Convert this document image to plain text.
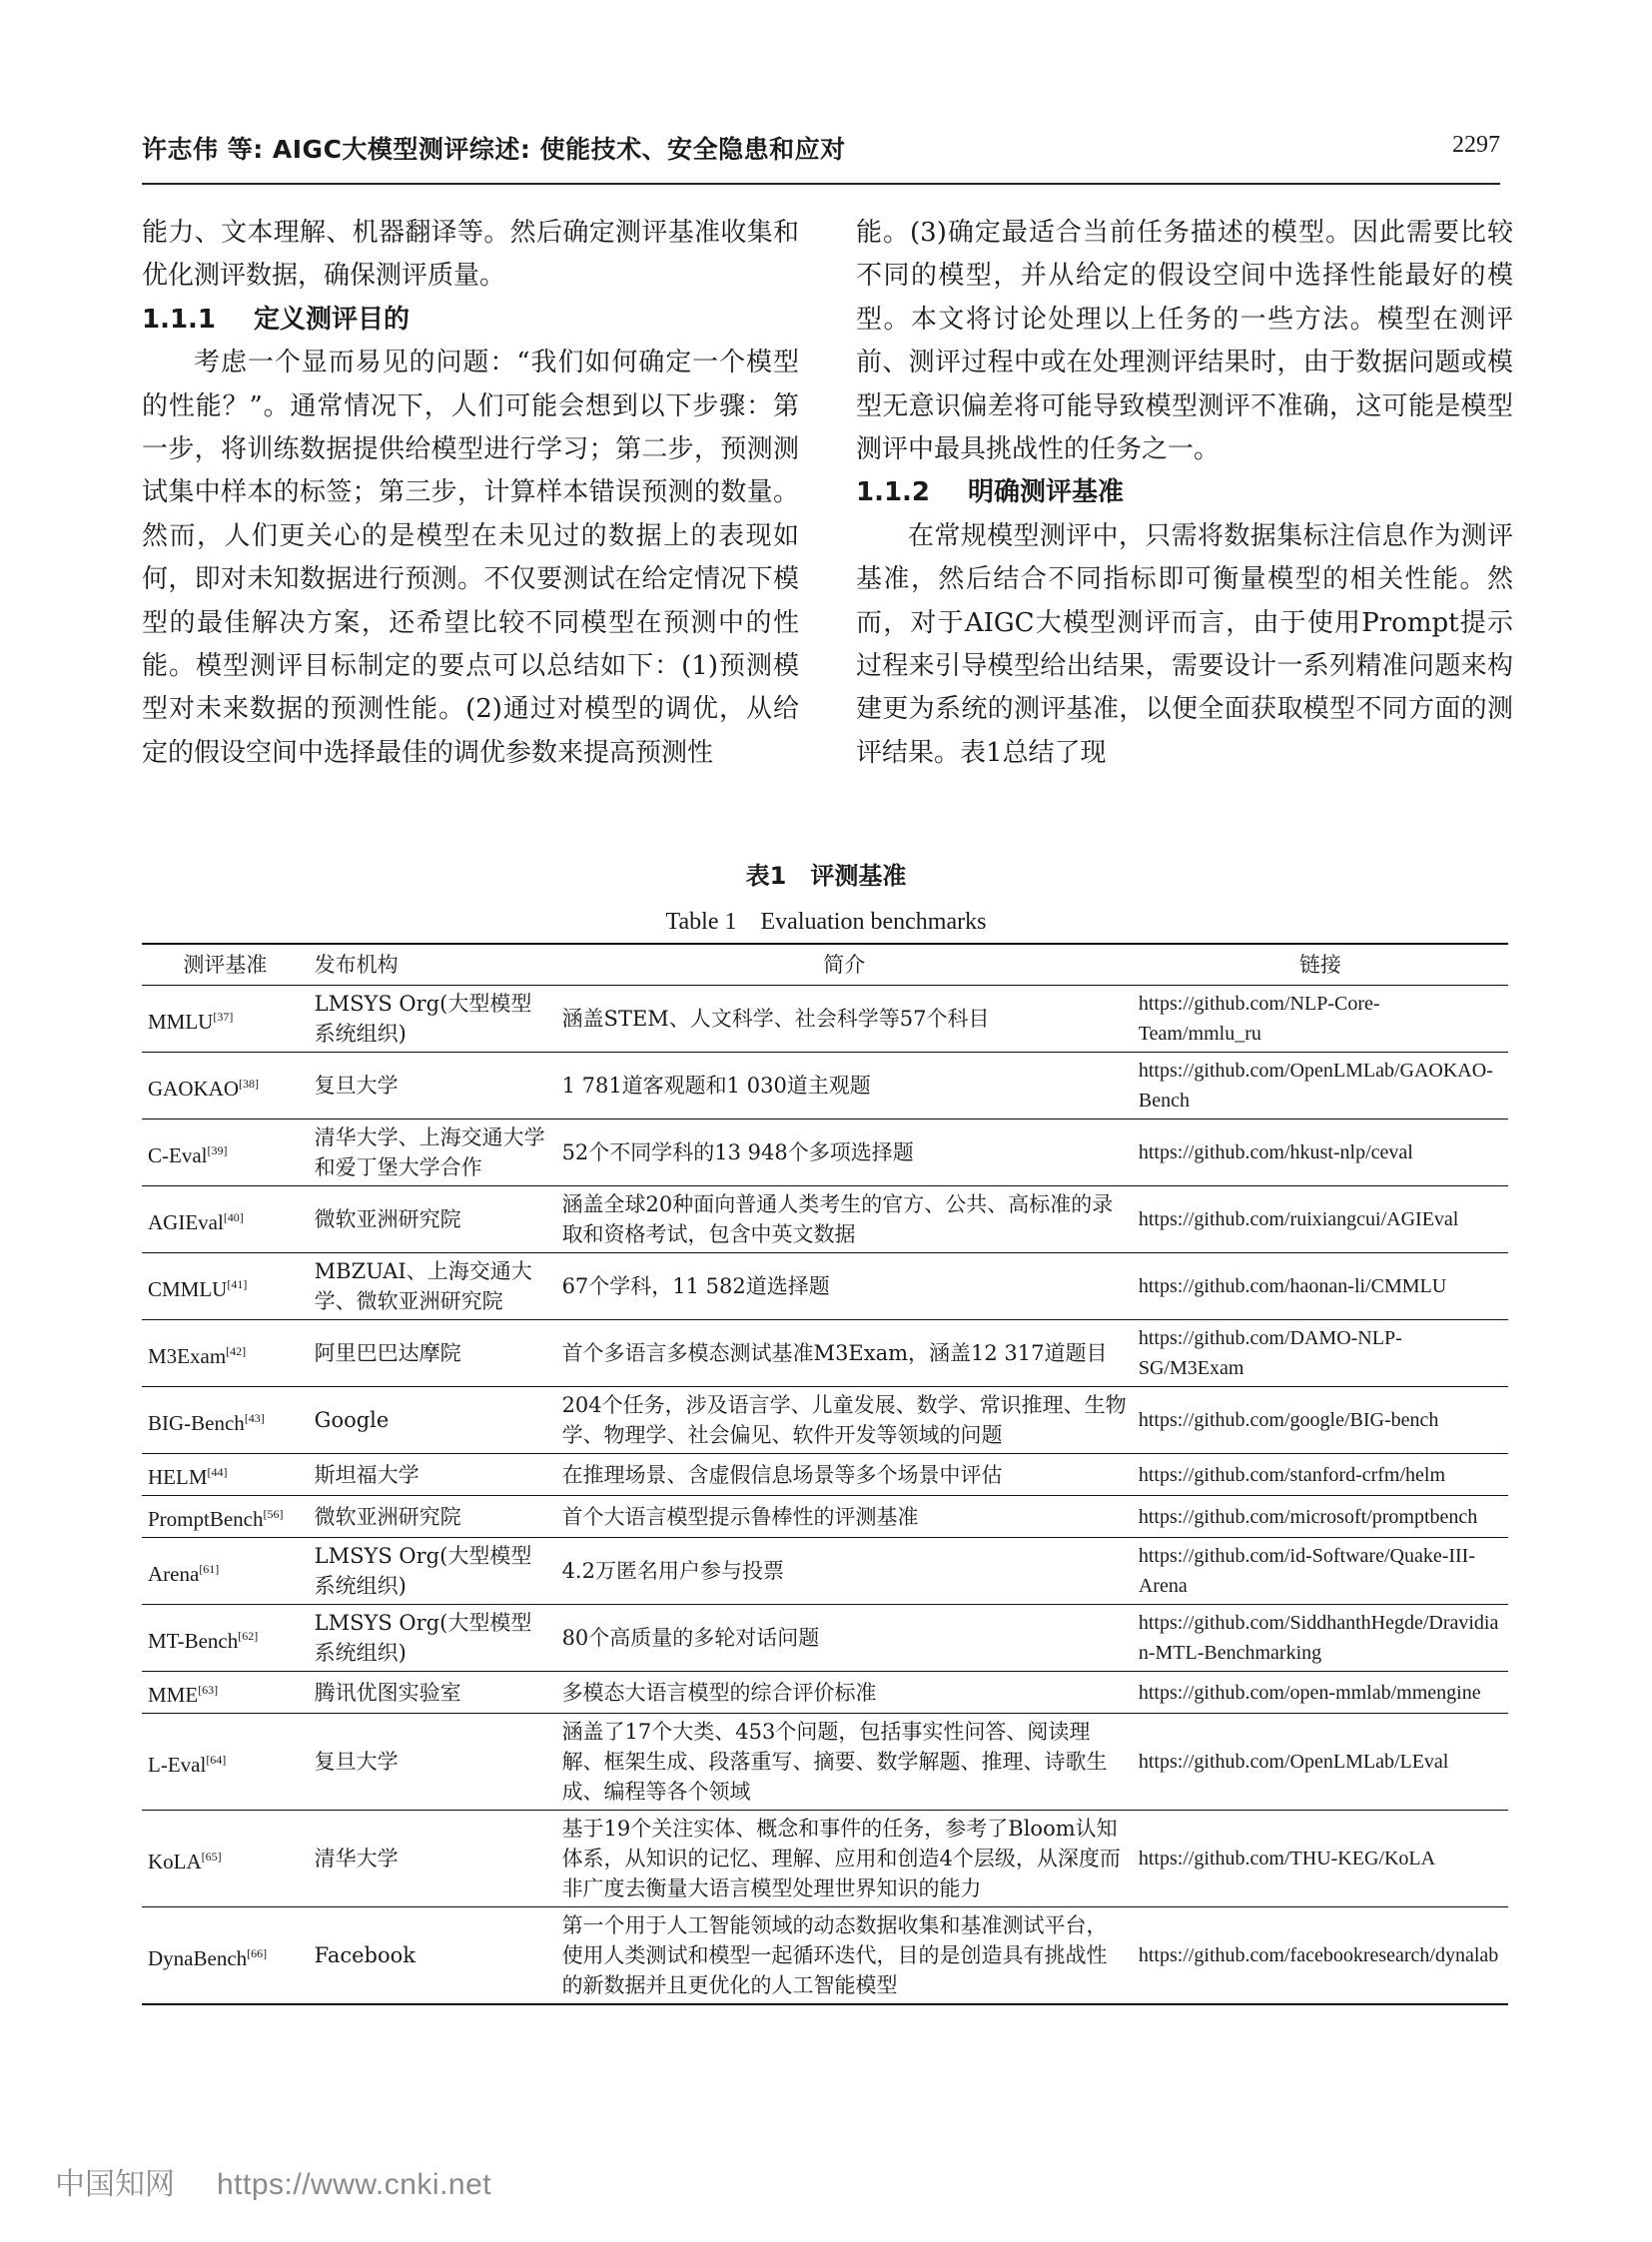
许志伟 等: AIGC大模型测评综述: 使能技术、安全隐患和应对	2297

能力、文本理解、机器翻译等。然后确定测评基准收集和优化测评数据，确保测评质量。

1.1.1 定义测评目的

考虑一个显而易见的问题：“我们如何确定一个模型的性能？”。通常情况下，人们可能会想到以下步骤：第一步，将训练数据提供给模型进行学习；第二步，预测测试集中样本的标签；第三步，计算样本错误预测的数量。然而，人们更关心的是模型在未见过的数据上的表现如何，即对未知数据进行预测。不仅要测试在给定情况下模型的最佳解决方案，还希望比较不同模型在预测中的性能。模型测评目标制定的要点可以总结如下：(1)预测模型对未来数据的预测性能。(2)通过对模型的调优，从给定的假设空间中选择最佳的调优参数来提高预测性

能。(3)确定最适合当前任务描述的模型。因此需要比较不同的模型，并从给定的假设空间中选择性能最好的模型。本文将讨论处理以上任务的一些方法。模型在测评前、测评过程中或在处理测评结果时，由于数据问题或模型无意识偏差将可能导致模型测评不准确，这可能是模型测评中最具挑战性的任务之一。

1.1.2 明确测评基准

在常规模型测评中，只需将数据集标注信息作为测评基准，然后结合不同指标即可衡量模型的相关性能。然而，对于AIGC大模型测评而言，由于使用Prompt提示过程来引导模型给出结果，需要设计一系列精准问题来构建更为系统的测评基准，以便全面获取模型不同方面的测评结果。表1总结了现

表1　评测基准
Table 1　Evaluation benchmarks
测评基准	发布机构	简介	链接
MMLU[37]	LMSYS Org(大型模型系统组织)	涵盖STEM、人文科学、社会科学等57个科目	https://github.com/NLP-Core-Team/mmlu_ru
GAOKAO[38]	复旦大学	1 781道客观题和1 030道主观题	https://github.com/OpenLMLab/GAOKAO-Bench
C-Eval[39]	清华大学、上海交通大学和爱丁堡大学合作	52个不同学科的13 948个多项选择题	https://github.com/hkust-nlp/ceval
AGIEval[40]	微软亚洲研究院	涵盖全球20种面向普通人类考生的官方、公共、高标准的录取和资格考试，包含中英文数据	https://github.com/ruixiangcui/AGIEval
CMMLU[41]	MBZUAI、上海交通大学、微软亚洲研究院	67个学科，11 582道选择题	https://github.com/haonan-li/CMMLU
M3Exam[42]	阿里巴巴达摩院	首个多语言多模态测试基准M3Exam，涵盖12 317道题目	https://github.com/DAMO-NLP-SG/M3Exam
BIG-Bench[43]	Google	204个任务，涉及语言学、儿童发展、数学、常识推理、生物学、物理学、社会偏见、软件开发等领域的问题	https://github.com/google/BIG-bench
HELM[44]	斯坦福大学	在推理场景、含虚假信息场景等多个场景中评估	https://github.com/stanford-crfm/helm
PromptBench[56]	微软亚洲研究院	首个大语言模型提示鲁棒性的评测基准	https://github.com/microsoft/promptbench
Arena[61]	LMSYS Org(大型模型系统组织)	4.2万匿名用户参与投票	https://github.com/id-Software/Quake-III-Arena
MT-Bench[62]	LMSYS Org(大型模型系统组织)	80个高质量的多轮对话问题	https://github.com/SiddhanthHegde/Dravidian-MTL-Benchmarking
MME[63]	腾讯优图实验室	多模态大语言模型的综合评价标准	https://github.com/open-mmlab/mmengine
L-Eval[64]	复旦大学	涵盖了17个大类、453个问题，包括事实性问答、阅读理解、框架生成、段落重写、摘要、数学解题、推理、诗歌生成、编程等各个领域	https://github.com/OpenLMLab/LEval
KoLA[65]	清华大学	基于19个关注实体、概念和事件的任务，参考了Bloom认知体系，从知识的记忆、理解、应用和创造4个层级，从深度而非广度去衡量大语言模型处理世界知识的能力	https://github.com/THU-KEG/KoLA
DynaBench[66]	Facebook	第一个用于人工智能领域的动态数据收集和基准测试平台，使用人类测试和模型一起循环迭代，目的是创造具有挑战性的新数据并且更优化的人工智能模型	https://github.com/facebookresearch/dynalab
中国知网 https://www.cnki.net
